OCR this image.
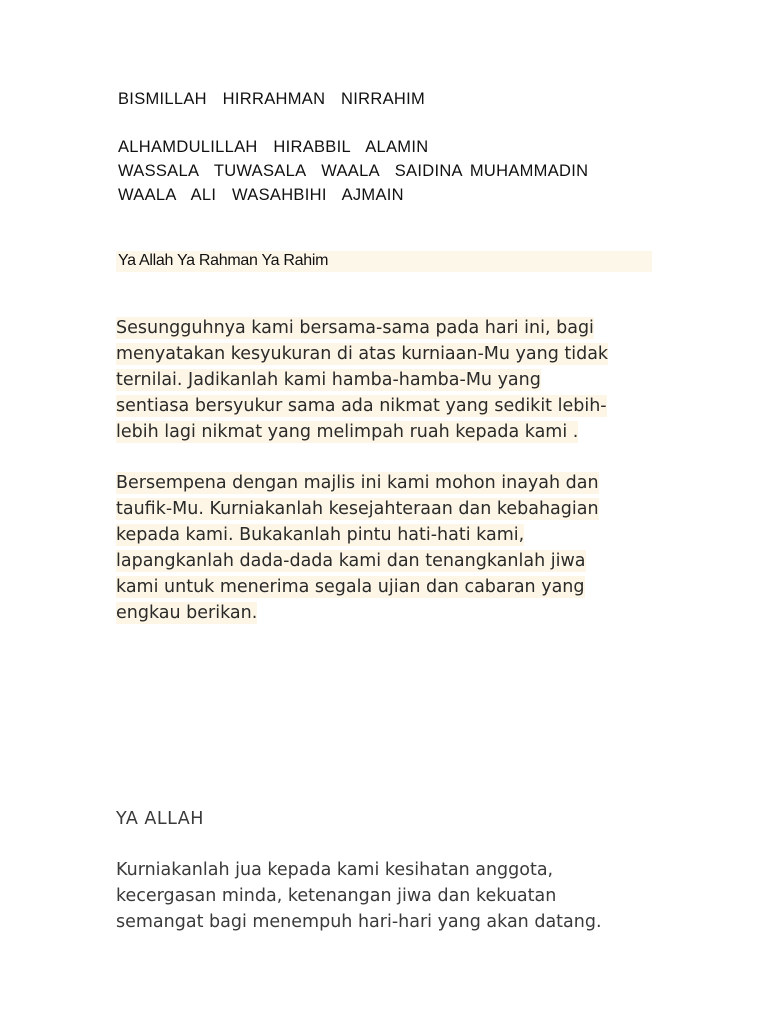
BISMILLAH  HIRRAHMAN  NIRRAHIM
ALHAMDULILLAH  HIRABBIL  ALAMIN
WASSALA  TUWASALA  WAALA  SAIDINA MUHAMMADIN
WAALA  ALI  WASAHBIHI  AJMAIN
Ya Allah Ya Rahman Ya Rahim
Sesungguhnya kami bersama-sama pada hari ini, bagi
menyatakan kesyukuran di atas kurniaan-Mu yang tidak
ternilai. Jadikanlah kami hamba-hamba-Mu yang
sentiasa bersyukur sama ada nikmat yang sedikit lebih-
lebih lagi nikmat yang melimpah ruah kepada kami .
Bersempena dengan majlis ini kami mohon inayah dan
taufik-Mu. Kurniakanlah kesejahteraan dan kebahagian
kepada kami. Bukakanlah pintu hati-hati kami,
lapangkanlah dada-dada kami dan tenangkanlah jiwa
kami untuk menerima segala ujian dan cabaran yang
engkau berikan.
YA ALLAH
Kurniakanlah jua kepada kami kesihatan anggota,
kecergasan minda, ketenangan jiwa dan kekuatan
semangat bagi menempuh hari-hari yang akan datang.
